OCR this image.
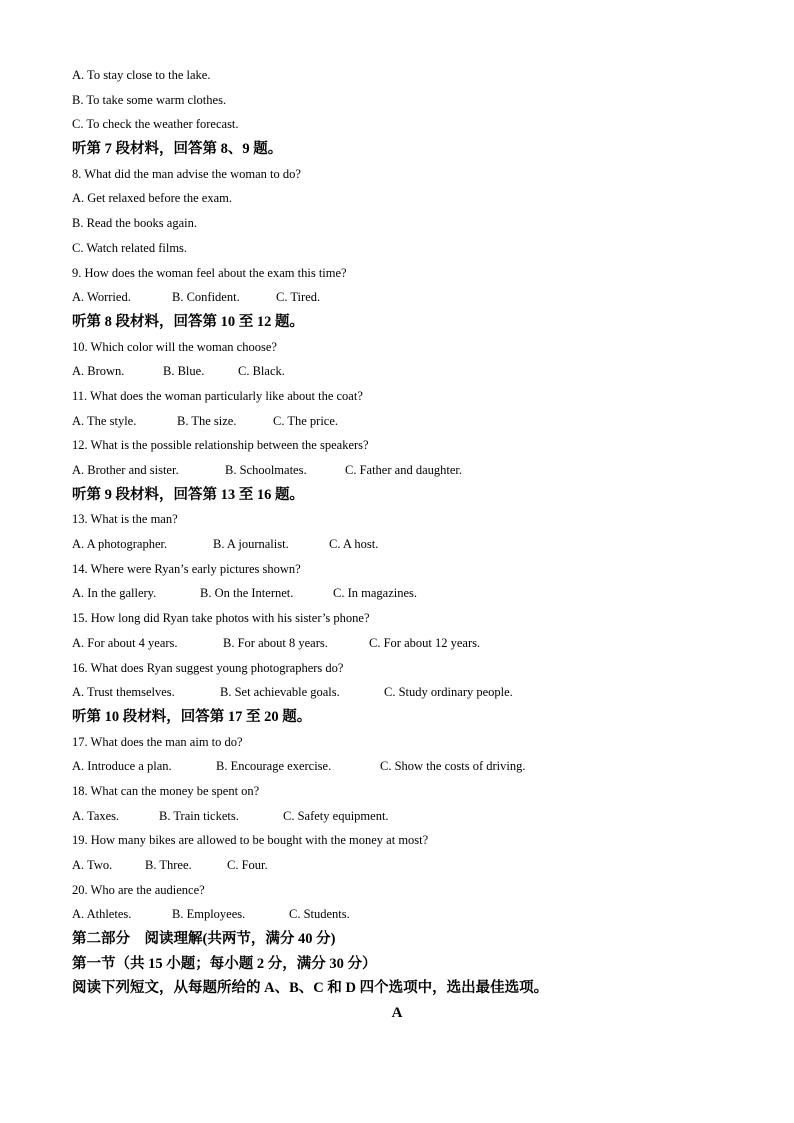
A. To stay close to the lake.
B. To take some warm clothes.
C. To check the weather forecast.
听第 7 段材料，回答第 8、9 题。
8. What did the man advise the woman to do?
A. Get relaxed before the exam.
B. Read the books again.
C. Watch related films.
9. How does the woman feel about the exam this time?
A. Worried.	B. Confident.	C. Tired.
听第 8 段材料，回答第 10 至 12 题。
10. Which color will the woman choose?
A. Brown.	B. Blue.	C. Black.
11. What does the woman particularly like about the coat?
A. The style.	B. The size.	C. The price.
12. What is the possible relationship between the speakers?
A. Brother and sister.	B. Schoolmates.	C. Father and daughter.
听第 9 段材料，回答第 13 至 16 题。
13. What is the man?
A. A photographer.	B. A journalist.	C. A host.
14. Where were Ryan’s early pictures shown?
A. In the gallery.	B. On the Internet.	C. In magazines.
15. How long did Ryan take photos with his sister’s phone?
A. For about 4 years.	B. For about 8 years.	C. For about 12 years.
16. What does Ryan suggest young photographers do?
A. Trust themselves.	B. Set achievable goals.	C. Study ordinary people.
听第 10 段材料，回答第 17 至 20 题。
17. What does the man aim to do?
A. Introduce a plan.	B. Encourage exercise.	C. Show the costs of driving.
18. What can the money be spent on?
A. Taxes.	B. Train tickets.	C. Safety equipment.
19. How many bikes are allowed to be bought with the money at most?
A. Two.	B. Three.	C. Four.
20. Who are the audience?
A. Athletes.	B. Employees.	C. Students.
第二部分　阅读理解(共两节，满分 40 分)
第一节（共 15 小题；每小题 2 分，满分 30 分）
阅读下列短文，从每题所给的 A、B、C 和 D 四个选项中，选出最佳选项。
A
